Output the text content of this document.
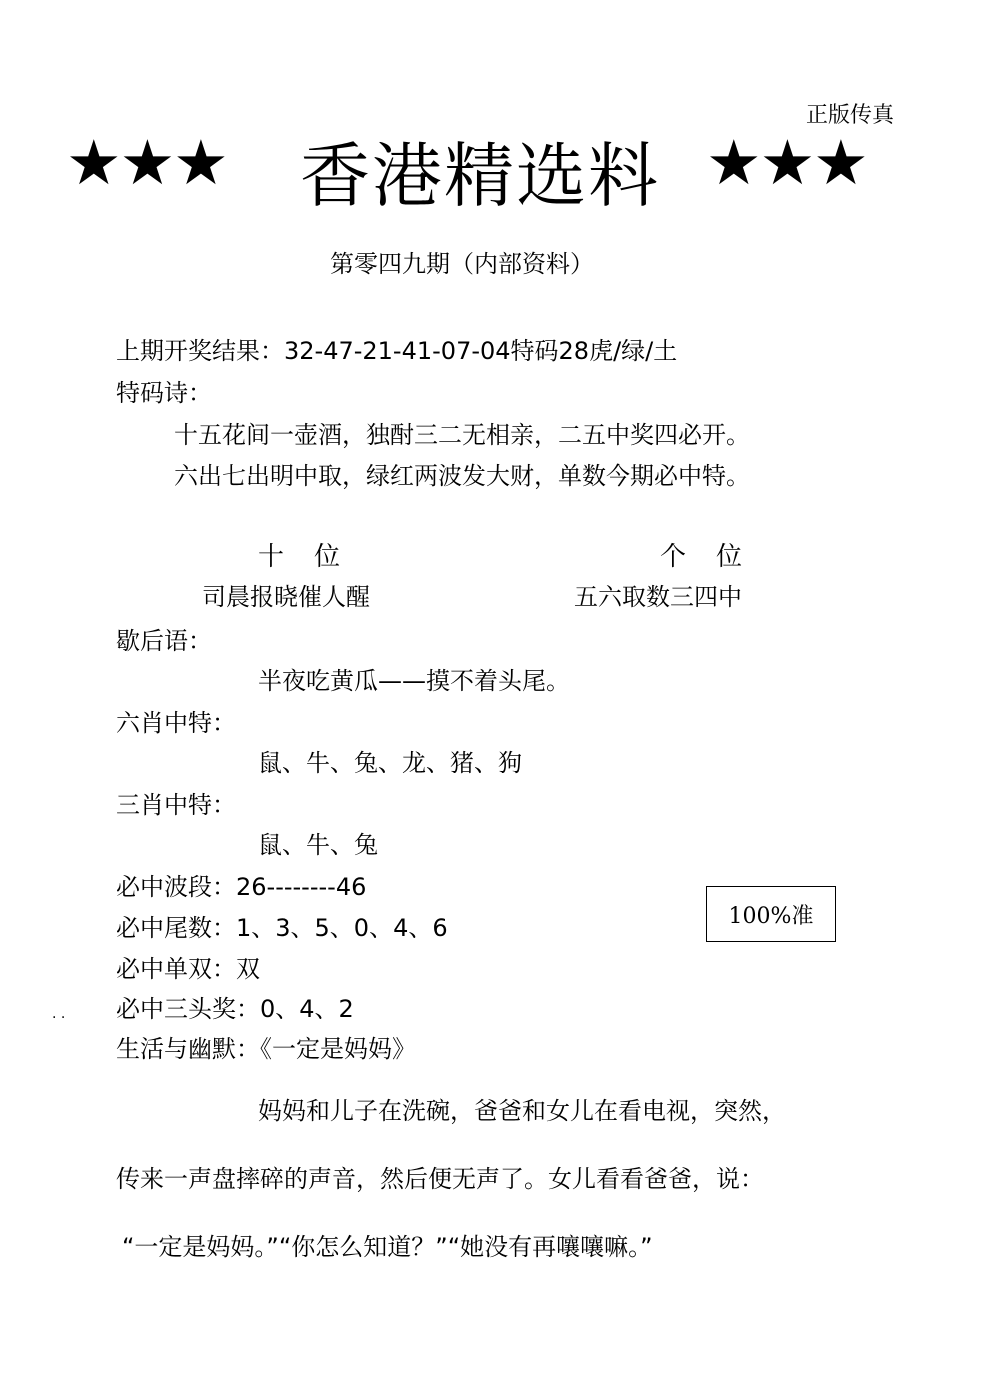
正版传真
★★★ 香港精选料 ★★★
第零四九期（内部资料）
上期开奖结果：32-47-21-41-07-04特码28虎/绿/土
特码诗：
十五花间一壶酒，独酎三二无相亲，二五中奖四必开。
六出七出明中取，绿红两波发大财，单数今期必中特。
十　位	个　位
司晨报晓催人醒	五六取数三四中
歇后语：
半夜吃黄瓜——摸不着头尾。
六肖中特：
鼠、牛、兔、龙、猪、狗
三肖中特：
鼠、牛、兔
必中波段：26--------46
必中尾数：1、3、5、0、4、6
必中单双：双
. . 必中三头奖：0、4、2
生活与幽默：《一定是妈妈》
100%准
妈妈和儿子在洗碗，爸爸和女儿在看电视，突然，
传来一声盘摔碎的声音，然后便无声了。女儿看看爸爸，说：
“一定是妈妈。”“你怎么知道？”“她没有再嚷嚷嘛。”
